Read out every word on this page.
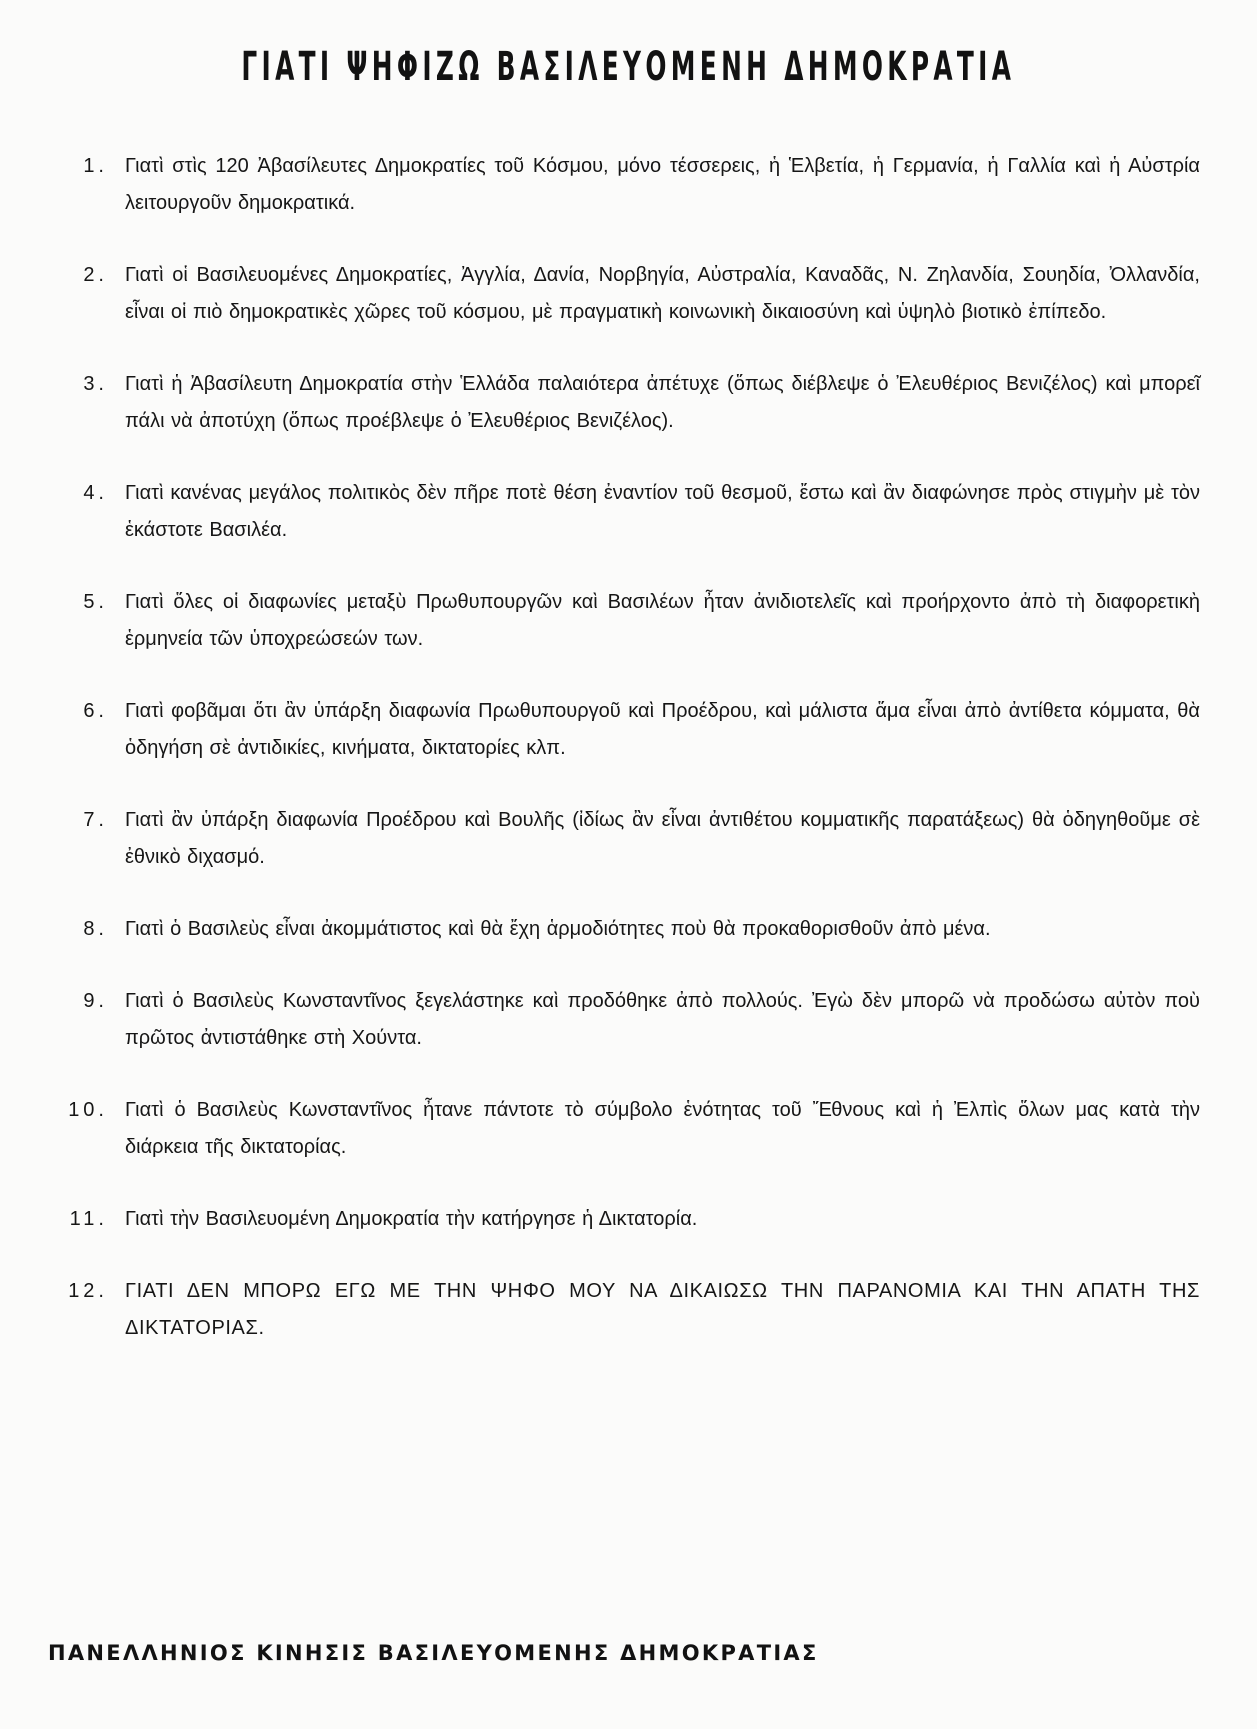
ΓΙΑΤΙ ΨΗΦΙΖΩ ΒΑΣΙΛΕΥΟΜΕΝΗ ΔΗΜΟΚΡΑΤΙΑ
1. Γιατὶ στὶς 120 Ἀβασίλευτες Δημοκρατίες τοῦ Κόσμου, μόνο τέσσερεις, ἡ Ἑλβετία, ἡ Γερμανία, ἡ Γαλλία καὶ ἡ Αὐστρία λειτουργοῦν δημοκρατικά.
2. Γιατὶ οἱ Βασιλευομένες Δημοκρατίες, Ἀγγλία, Δανία, Νορβηγία, Αὐστραλία, Καναδᾶς, Ν. Ζηλανδία, Σουηδία, Ὀλλανδία, εἶναι οἱ πιὸ δημοκρατικὲς χῶρες τοῦ κόσμου, μὲ πραγματικὴ κοινωνικὴ δικαιοσύνη καὶ ὑψηλὸ βιοτικὸ ἐπίπεδο.
3. Γιατὶ ἡ Ἀβασίλευτη Δημοκρατία στὴν Ἑλλάδα παλαιότερα ἀπέτυχε (ὅπως διέβλεψε ὁ Ἐλευθέριος Βενιζέλος) καὶ μπορεῖ πάλι νὰ ἀποτύχη (ὅπως προέβλεψε ὁ Ἐλευθέριος Βενιζέλος).
4. Γιατὶ κανένας μεγάλος πολιτικὸς δὲν πῆρε ποτὲ θέση ἐναντίον τοῦ θεσμοῦ, ἔστω καὶ ἂν διαφώνησε πρὸς στιγμὴν μὲ τὸν ἑκάστοτε Βασιλέα.
5. Γιατὶ ὅλες οἱ διαφωνίες μεταξὺ Πρωθυπουργῶν καὶ Βασιλέων ἦταν ἀνιδιοτελεῖς καὶ προήρχοντο ἀπὸ τὴ διαφορετικὴ ἑρμηνεία τῶν ὑποχρεώσεών των.
6. Γιατὶ φοβᾶμαι ὅτι ἂν ὑπάρξη διαφωνία Πρωθυπουργοῦ καὶ Προέδρου, καὶ μάλιστα ἅμα εἶναι ἀπὸ ἀντίθετα κόμματα, θὰ ὁδηγήση σὲ ἀντιδικίες, κινήματα, δικτατορίες κλπ.
7. Γιατὶ ἂν ὑπάρξη διαφωνία Προέδρου καὶ Βουλῆς (ἰδίως ἂν εἶναι ἀντιθέτου κομματικῆς παρατάξεως) θὰ ὁδηγηθοῦμε σὲ ἐθνικὸ διχασμό.
8. Γιατὶ ὁ Βασιλεὺς εἶναι ἀκομμάτιστος καὶ θὰ ἔχη ἁρμοδιότητες ποὺ θὰ προκαθορισθοῦν ἀπὸ μένα.
9. Γιατὶ ὁ Βασιλεὺς Κωνσταντῖνος ξεγελάστηκε καὶ προδόθηκε ἀπὸ πολλούς. Ἐγὼ δὲν μπορῶ νὰ προδώσω αὐτὸν ποὺ πρῶτος ἀντιστάθηκε στὴ Χούντα.
10. Γιατὶ ὁ Βασιλεὺς Κωνσταντῖνος ἦτανε πάντοτε τὸ σύμβολο ἑνότητας τοῦ Ἔθνους καὶ ἡ Ἐλπὶς ὅλων μας κατὰ τὴν διάρκεια τῆς δικτατορίας.
11. Γιατὶ τὴν Βασιλευομένη Δημοκρατία τὴν κατήργησε ἡ Δικτατορία.
12. ΓΙΑΤΙ ΔΕΝ ΜΠΟΡΩ ΕΓΩ ΜΕ ΤΗΝ ΨΗΦΟ ΜΟΥ ΝΑ ΔΙΚΑΙΩΣΩ ΤΗΝ ΠΑΡΑΝΟΜΙΑ ΚΑΙ ΤΗΝ ΑΠΑΤΗ ΤΗΣ ΔΙΚΤΑΤΟΡΙΑΣ.
ΠΑΝΕΛΛΗΝΙΟΣ ΚΙΝΗΣΙΣ ΒΑΣΙΛΕΥΟΜΕΝΗΣ ΔΗΜΟΚΡΑΤΙΑΣ
